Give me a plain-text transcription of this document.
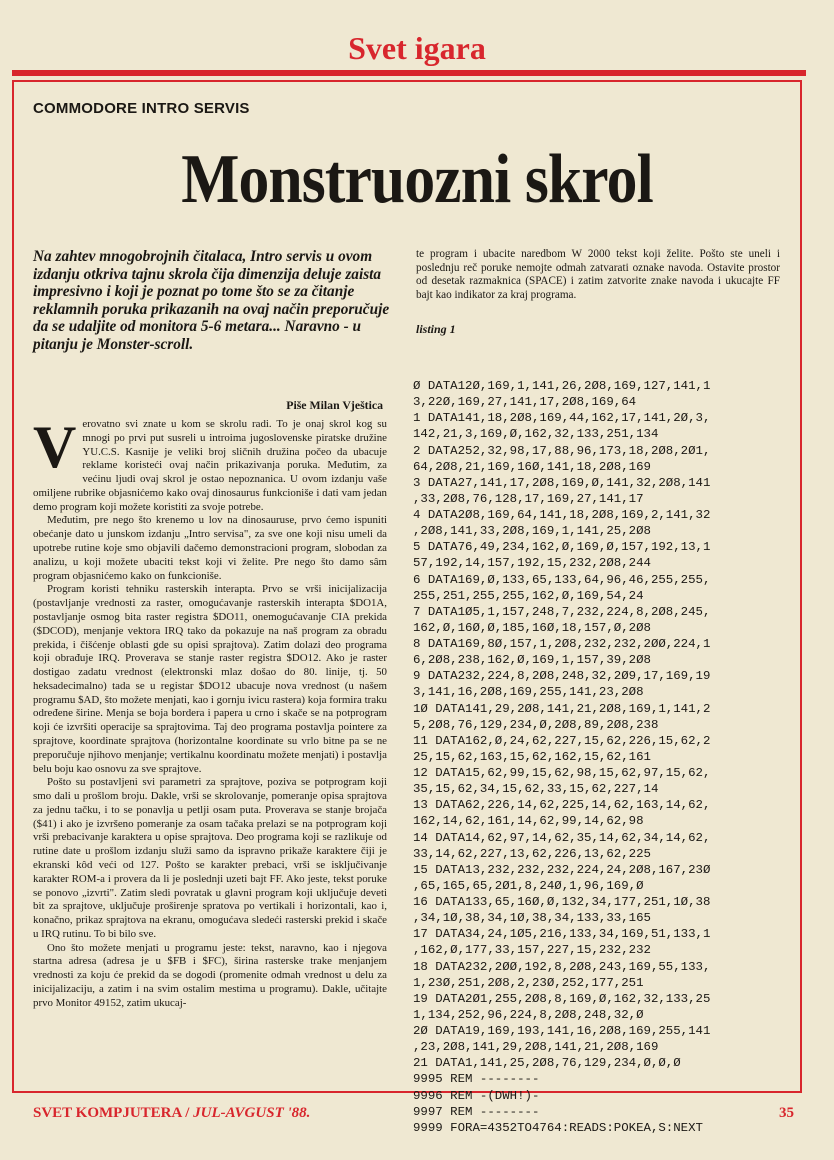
Svet igara
COMMODORE INTRO SERVIS
Monstruozni skrol
Na zahtev mnogobrojnih čitalaca, Intro servis u ovom izdanju otkriva tajnu skrola čija dimenzija deluje zaista impresivno i koji je poznat po tome što se za čitanje reklamnih poruka prikazanih na ovaj način preporučuje da se udaljite od monitora 5-6 metara... Naravno - u pitanju je Monster-scroll.
te program i ubacite naredbom W 2000 tekst koji želite. Pošto ste uneli i poslednju reč poruke nemojte odmah zatvarati oznake navoda. Ostavite prostor od desetak razmaknica (SPACE) i zatim zatvorite znake navoda i ukucajte FF bajt kao indikator za kraj programa.
listing 1
Piše Milan Vještica

Verovatno svi znate u kom se skrolu radi. To je onaj skrol kog su mnogi po prvi put susreli u introima jugoslovenske piratske družine YU.C.S. Kasnije je veliki broj sličnih družina počeo da ubacuje reklame koristeći ovaj način prikazivanja poruka. Međutim, za većinu ljudi ovaj skrol je ostao nepoznanica. U ovom izdanju vaše omiljene rubrike objasnićemo kako ovaj dinosaurus funkcioniše i dati vam jedan demo program koji možete koristiti za svoje potrebe.

Međutim, pre nego što krenemo u lov na dinosauruse, prvo ćemo ispuniti obećanje dato u junskom izdanju „Intro servisa", za sve one koji nisu umeli da upotrebe rutine koje smo objavili dačemo demonstracioni program, slobodan za analizu, u koji možete ubaciti tekst koji vi želite. Pre nego što damo sâm program objasnićemo kako on funkcioniše.

Program koristi tehniku rasterskih interapta. Prvo se vrši inicijalizacija (postavljanje vrednosti za raster, omogućavanje rasterskih interapta $DO1A, postavljanje osmog bita raster registra $DO11, onemogućavanje CIA prekida ($DCOD), menjanje vektora IRQ tako da pokazuje na naš program za obradu prekida, i čišćenje oblasti gde su opisi sprajtova). Zatim dolazi deo programa koji obrađuje IRQ. Proverava se stanje raster registra $DO12. Ako je raster dostigao zadatu vrednost (elektronski mlaz došao do 80. linije, tj. 50 heksadecimalno) tada se u registar $DO12 ubacuje nova vrednost (u našem programu $AD, što možete menjati, kao i gornju ivicu rastera) koja formira traku određene širine. Menja se boja bordera i papera u crno i skače se na potprogram koji će izvršiti operacije sa sprajtovima. Taj deo programa postavlja pointere za sprajtove, koordinate sprajtova (horizontalne koordinate su vrlo bitne pa se ne preporučuje njihovo menjanje; vertikalnu koordinatu možete menjati) i postavlja belu boju kao osnovu za sve sprajtove.

Pošto su postavljeni svi parametri za sprajtove, poziva se potprogram koji smo dali u prošlom broju. Dakle, vrši se skrolovanje, pomeranje opisa sprajtova za jednu tačku, i to se ponavlja u petlji osam puta. Proverava se stanje brojača ($41) i ako je izvršeno pomeranje za osam tačaka prelazi se na potprogram koji vrši prebacivanje karaktera u opise sprajtova. Deo programa koji se razlikuje od rutine date u prošlom izdanju služi samo da ispravno prikaže karaktere čiji je ekranski kôd veći od 127. Pošto se karakter prebaci, vrši se isključivanje karakter ROM-a i provera da li je poslednji uzeti bajt FF. Ako jeste, tekst poruke se ponovo „izvrti". Zatim sledi povratak u glavni program koji uključuje deveti bit za sprajtove, uključuje proširenje spratova po vertikali i horizontali, kao i, konačno, prikaz sprajtova na ekranu, omogućava sledeći rasterski prekid i skače u IRQ rutinu. To bi bilo sve.

Ono što možete menjati u programu jeste: tekst, naravno, kao i njegova startna adresa (adresa je u $FB i $FC), širina rasterske trake menjanjem vrednosti za koju će prekid da se dogodi (promenite odmah vrednost u delu za inicijalizaciju, a zatim i na svim ostalim mestima u programu). Dakle, učitajte prvo Monitor 49152, zatim ukucaj-

Ø DATA12Ø,169,1,141,26,2Ø8,169,127,141,1
3,22Ø,169,27,141,17,2Ø8,169,64
1 DATA141,18,2Ø8,169,44,162,17,141,2Ø,3,
142,21,3,169,Ø,162,32,133,251,134
2 DATA252,32,98,17,88,96,173,18,2Ø8,2Ø1,
64,2Ø8,21,169,16Ø,141,18,2Ø8,169
3 DATA27,141,17,2Ø8,169,Ø,141,32,2Ø8,141
,33,2Ø8,76,128,17,169,27,141,17
4 DATA2Ø8,169,64,141,18,2Ø8,169,2,141,32
,2Ø8,141,33,2Ø8,169,1,141,25,2Ø8
5 DATA76,49,234,162,Ø,169,Ø,157,192,13,1
57,192,14,157,192,15,232,2Ø8,244
6 DATA169,Ø,133,65,133,64,96,46,255,255,
255,251,255,255,162,Ø,169,54,24
7 DATA1Ø5,1,157,248,7,232,224,8,2Ø8,245,
162,Ø,16Ø,Ø,185,16Ø,18,157,Ø,2Ø8
8 DATA169,8Ø,157,1,2Ø8,232,232,2ØØ,224,1
6,2Ø8,238,162,Ø,169,1,157,39,2Ø8
9 DATA232,224,8,2Ø8,248,32,2Ø9,17,169,19
3,141,16,2Ø8,169,255,141,23,2Ø8
1Ø DATA141,29,2Ø8,141,21,2Ø8,169,1,141,2
5,2Ø8,76,129,234,Ø,2Ø8,89,2Ø8,238
11 DATA162,Ø,24,62,227,15,62,226,15,62,2
25,15,62,163,15,62,162,15,62,161
12 DATA15,62,99,15,62,98,15,62,97,15,62,
35,15,62,34,15,62,33,15,62,227,14
13 DATA62,226,14,62,225,14,62,163,14,62,
162,14,62,161,14,62,99,14,62,98
14 DATA14,62,97,14,62,35,14,62,34,14,62,
33,14,62,227,13,62,226,13,62,225
15 DATA13,232,232,232,224,24,2Ø8,167,23Ø
,65,165,65,2Ø1,8,24Ø,1,96,169,Ø
16 DATA133,65,16Ø,Ø,132,34,177,251,1Ø,38
,34,1Ø,38,34,1Ø,38,34,133,33,165
17 DATA34,24,1Ø5,216,133,34,169,51,133,1
,162,Ø,177,33,157,227,15,232,232
18 DATA232,2ØØ,192,8,2Ø8,243,169,55,133,
1,23Ø,251,2Ø8,2,23Ø,252,177,251
19 DATA2Ø1,255,2Ø8,8,169,Ø,162,32,133,25
1,134,252,96,224,8,2Ø8,248,32,Ø
2Ø DATA19,169,193,141,16,2Ø8,169,255,141
,23,2Ø8,141,29,2Ø8,141,21,2Ø8,169
21 DATA1,141,25,2Ø8,76,129,234,Ø,Ø,Ø
9995 REM --------
9996 REM -(DWH!)-
9997 REM --------
9999 FORA=4352TO4764:READS:POKEA,S:NEXT
SVET KOMPJUTERA / JUL-AVGUST '88.	35
